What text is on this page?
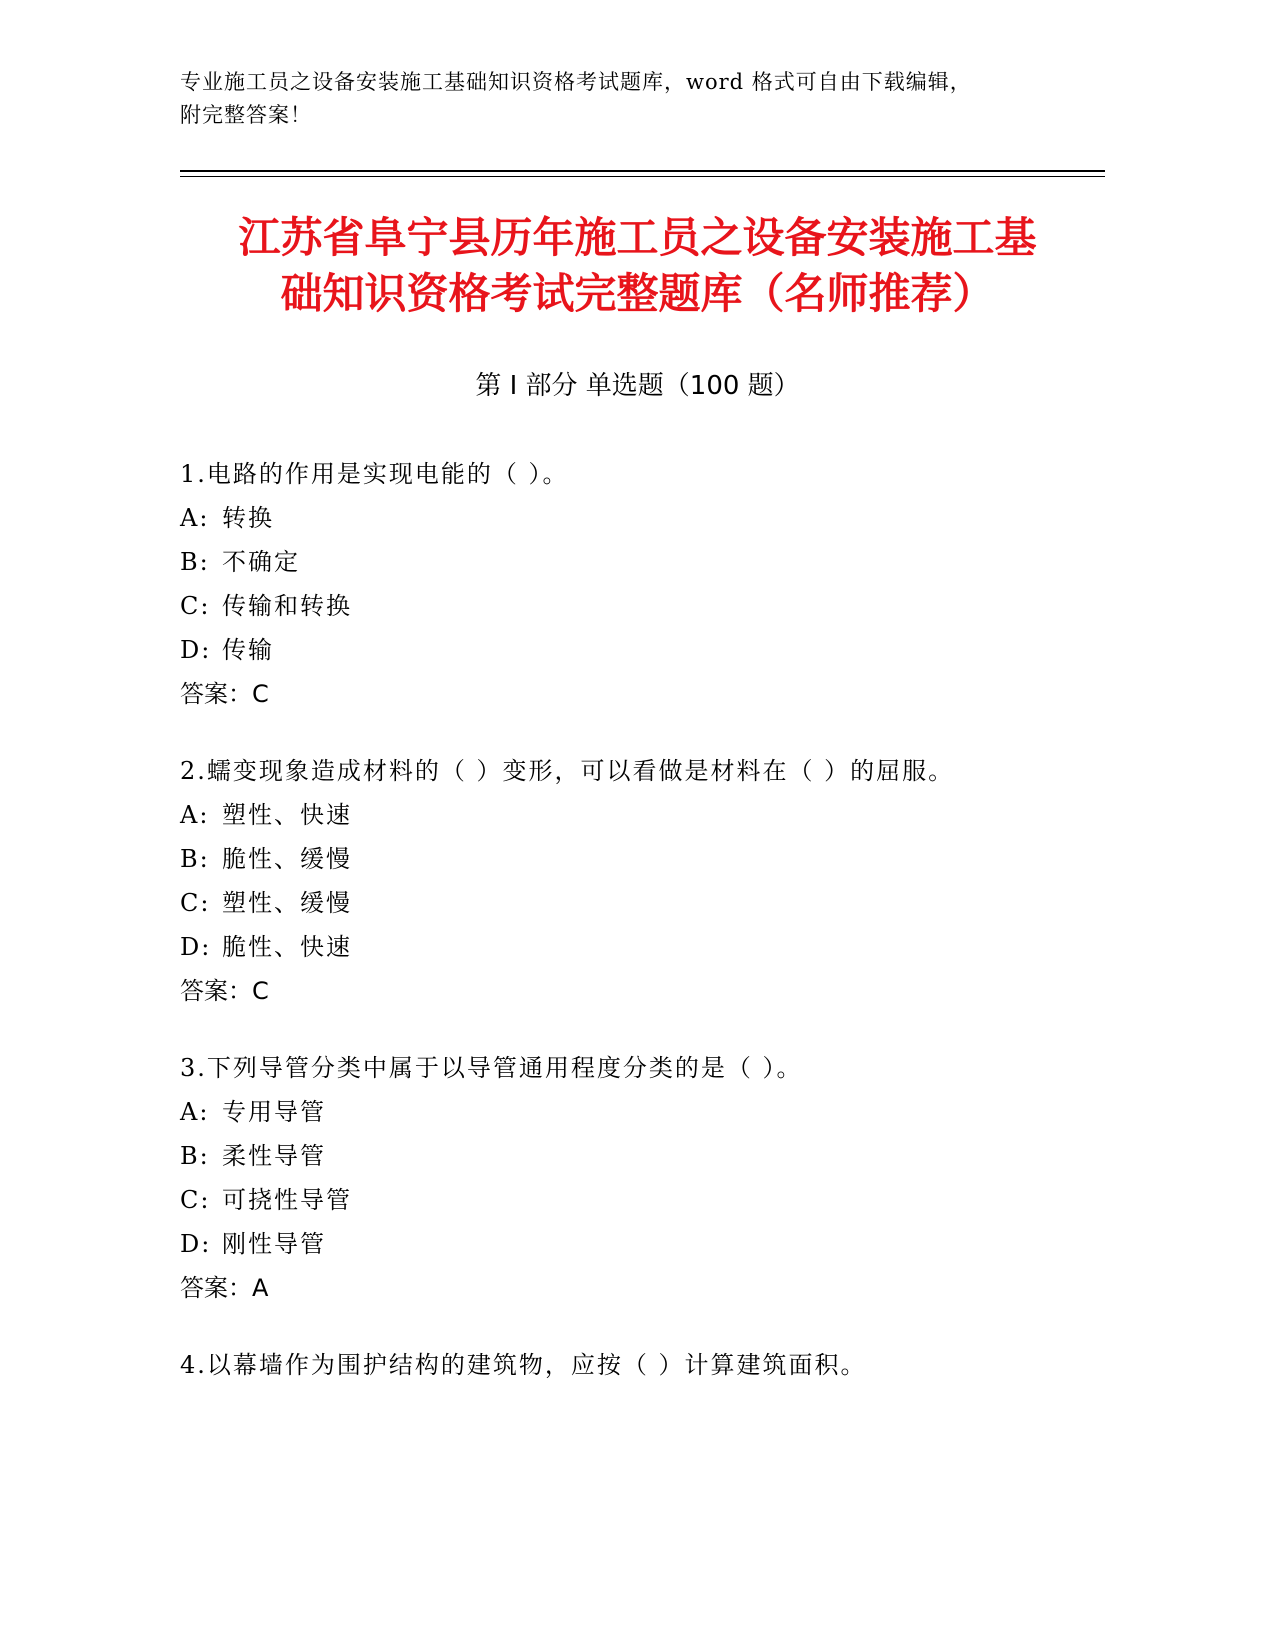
专业施工员之设备安装施工基础知识资格考试题库，word 格式可自由下载编辑，
附完整答案！
江苏省阜宁县历年施工员之设备安装施工基
础知识资格考试完整题库（名师推荐）
第 I 部分 单选题（100 题）
1.电路的作用是实现电能的（ ）。
A: 转换
B: 不确定
C: 传输和转换
D: 传输
答案：C
2.蠕变现象造成材料的（ ）变形，可以看做是材料在（ ）的屈服。
A: 塑性、快速
B: 脆性、缓慢
C: 塑性、缓慢
D: 脆性、快速
答案：C
3.下列导管分类中属于以导管通用程度分类的是（ ）。
A: 专用导管
B: 柔性导管
C: 可挠性导管
D: 刚性导管
答案：A
4.以幕墙作为围护结构的建筑物，应按（ ）计算建筑面积。
